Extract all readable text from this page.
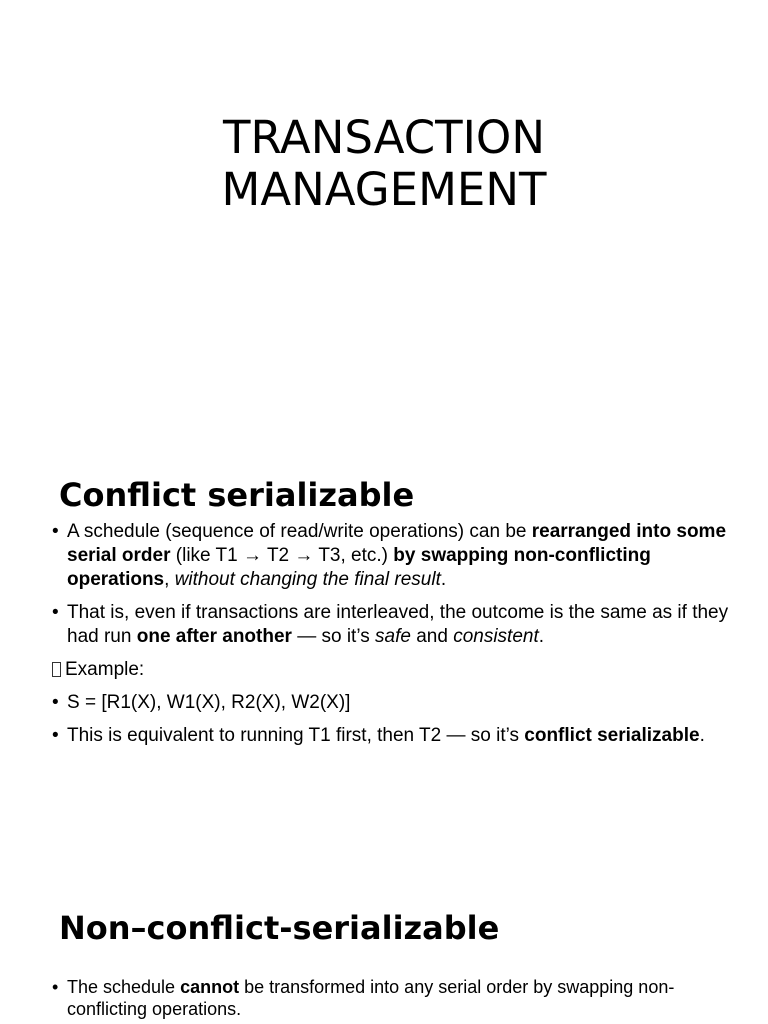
TRANSACTION
MANAGEMENT
Conflict serializable
• A schedule (sequence of read/write operations) can be rearranged into some serial order (like T1 → T2 → T3, etc.) by swapping non-conflicting operations, without changing the final result.
• That is, even if transactions are interleaved, the outcome is the same as if they had run one after another — so it’s safe and consistent.
Example:
• S = [R1(X), W1(X), R2(X), W2(X)]
• This is equivalent to running T1 first, then T2 — so it’s conflict serializable.
Non–conflict-serializable
• The schedule cannot be transformed into any serial order by swapping non-conflicting operations.
